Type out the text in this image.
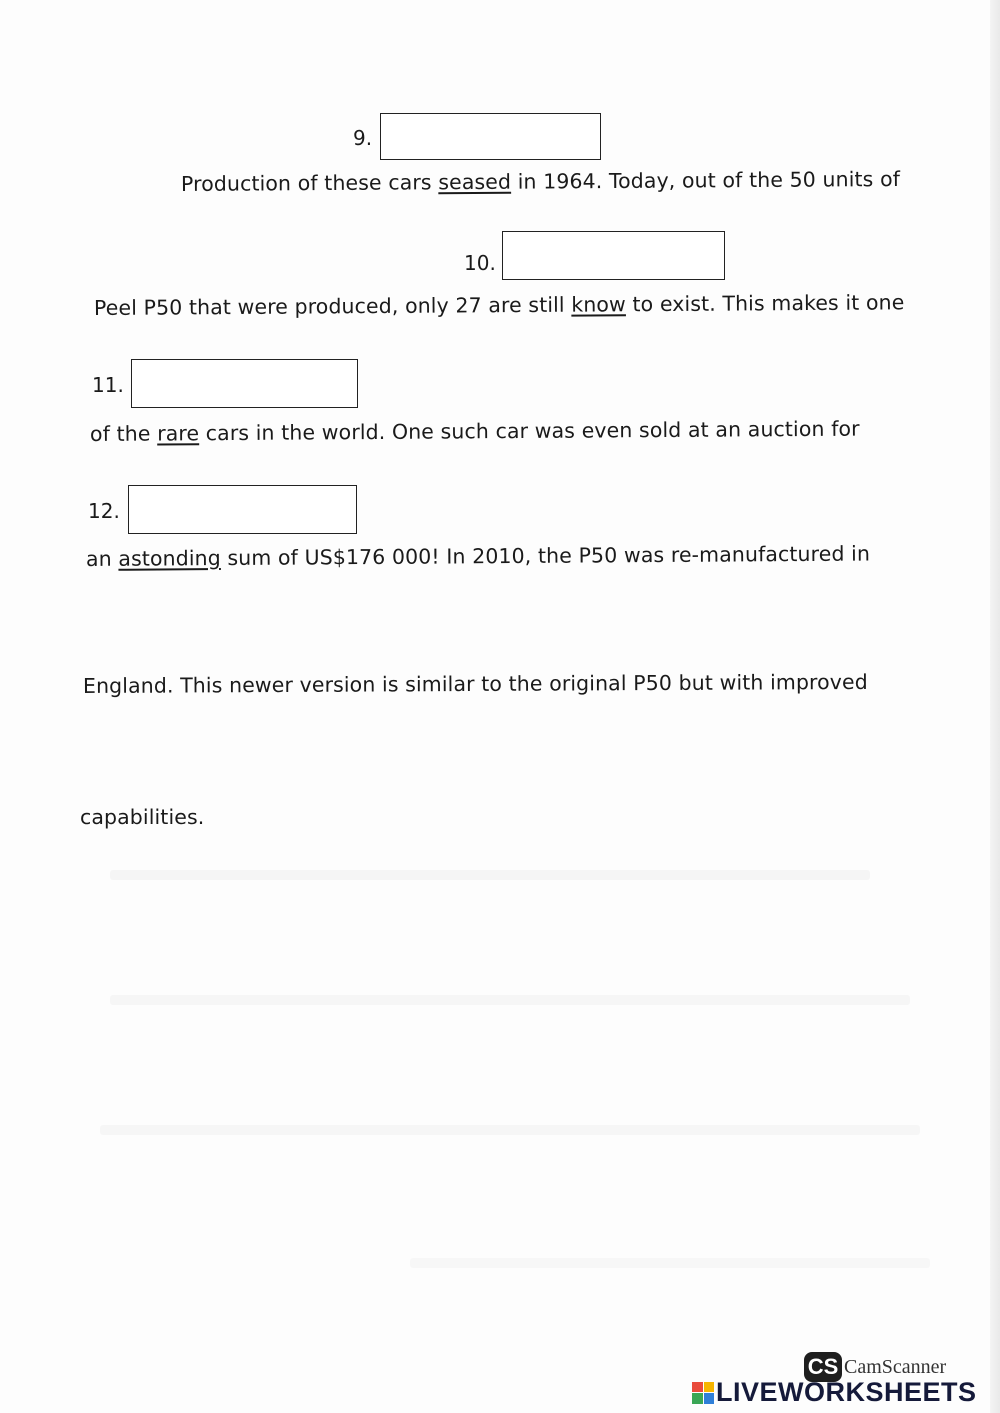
9.
Production of these cars seased in 1964. Today, out of the 50 units of
10.
Peel P50 that were produced, only 27 are still know to exist. This makes it one
11.
of the rare cars in the world. One such car was even sold at an auction for
12.
an astonding sum of US$176 000! In 2010, the P50 was re-manufactured in
England. This newer version is similar to the original P50 but with improved
capabilities.
CS CamScanner
LIVEWORKSHEETS
